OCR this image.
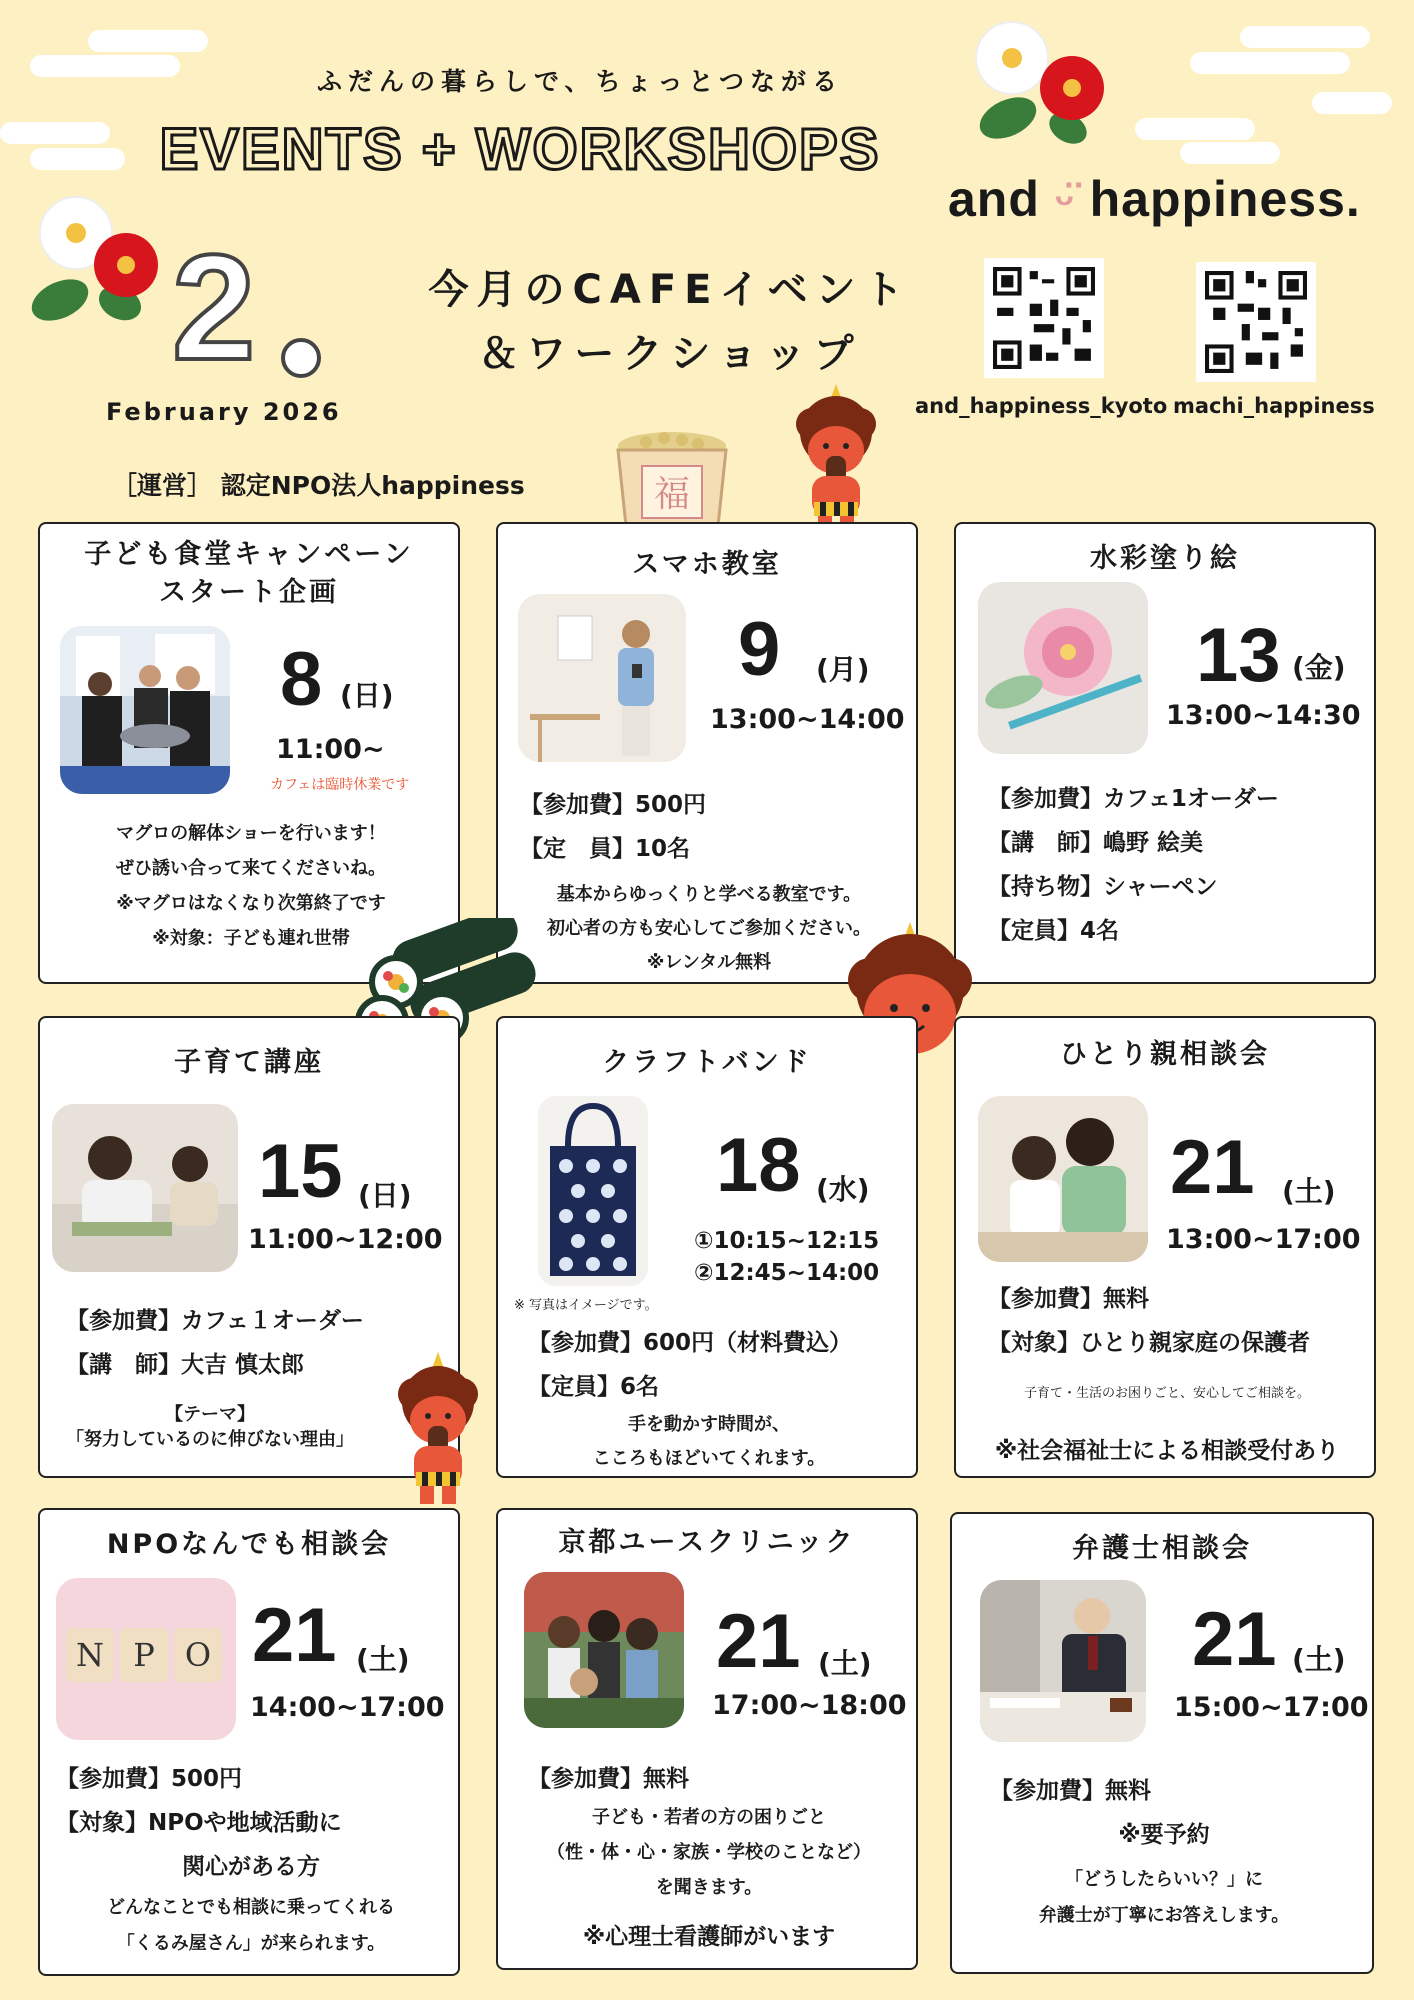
ふだんの暮らしで、ちょっとつながる
EVENTS + WORKSHOPS
2
February 2026
今月のCAFEイベント
＆ワークショップ
［運営］ 認定NPO法人happiness
and ᵕ̈ happiness.
and_happiness_kyoto machi_happiness
福
子ども食堂キャンペーン
スタート企画
8 (日)
11:00~
カフェは臨時休業です
マグロの解体ショーを行います！
ぜひ誘い合って来てくださいね。
※マグロはなくなり次第終了です
※対象：子ども連れ世帯
スマホ教室
9 (月)
13:00~14:00
【参加費】500円
【定　員】10名
基本からゆっくりと学べる教室です。
初心者の方も安心してご参加ください。
※レンタル無料
水彩塗り絵
13 (金)
13:00~14:30
【参加費】カフェ1オーダー
【講　師】嶋野 絵美
【持ち物】シャーペン
【定員】4名
子育て講座
15 (日)
11:00~12:00
【参加費】カフェ１オーダー
【講　師】大吉 慎太郎
【テーマ】
「努力しているのに伸びない理由」
クラフトバンド
18 (水)
①10:15~12:15
②12:45~14:00
※ 写真はイメージです。
【参加費】600円（材料費込）
【定員】6名
手を動かす時間が、
こころもほどいてくれます。
ひとり親相談会
21 (土)
13:00~17:00
【参加費】無料
【対象】ひとり親家庭の保護者
子育て・生活のお困りごと、安心してご相談を。
※社会福祉士による相談受付あり
NPOなんでも相談会
N P O 21 (土)
14:00~17:00
【参加費】500円
【対象】NPOや地域活動に
関心がある方
どんなことでも相談に乗ってくれる
「くるみ屋さん」が来られます。
京都ユースクリニック
21 (土)
17:00~18:00
【参加費】無料
子ども・若者の方の困りごと
（性・体・心・家族・学校のことなど）
を聞きます。
※心理士看護師がいます
弁護士相談会
21 (土)
15:00~17:00
【参加費】無料
※要予約
「どうしたらいい？」に
弁護士が丁寧にお答えします。
